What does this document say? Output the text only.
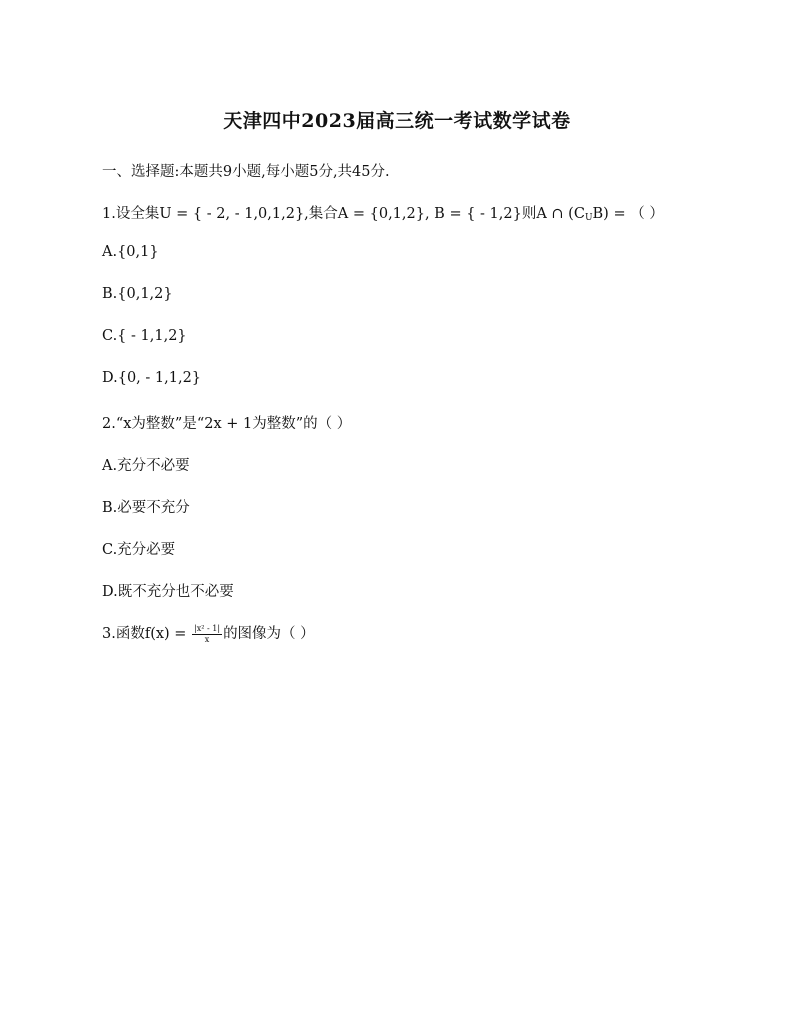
天津四中2023届高三统一考试数学试卷
一、选择题:本题共9小题,每小题5分,共45分.
1.设全集U = { - 2, - 1,0,1,2},集合A = {0,1,2}, B = { - 1,2}则A ∩ $(C_UB)$ = （ ）
A.{0,1}
B.{0,1,2}
C.{ - 1,1,2}
D.{0, - 1,1,2}
2.“x为整数”是“2x + 1为整数”的（ ）
A.充分不必要
B.必要不充分
C.充分必要
D.既不充分也不必要
3.函数$f(x) = \frac{\text{|x² - 1|}}{x}$ 的图像为（ ）
